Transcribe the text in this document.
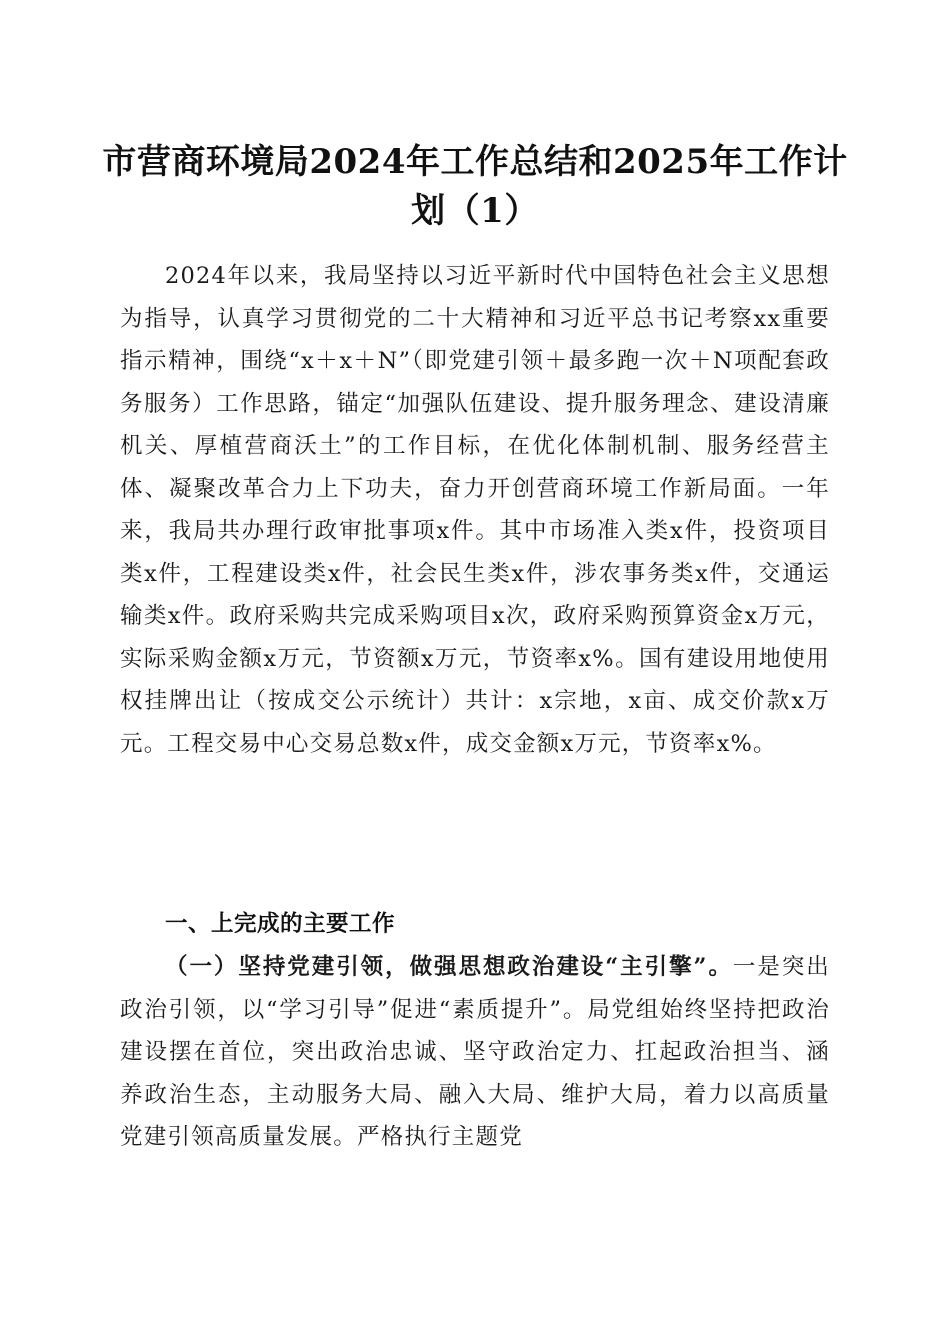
市营商环境局2024年工作总结和2025年工作计划（1）

2024年以来，我局坚持以习近平新时代中国特色社会主义思想为指导，认真学习贯彻党的二十大精神和习近平总书记考察xx重要指示精神，围绕“x＋x＋N”（即党建引领＋最多跑一次＋N项配套政务服务）工作思路，锚定“加强队伍建设、提升服务理念、建设清廉机关、厚植营商沃土”的工作目标，在优化体制机制、服务经营主体、凝聚改革合力上下功夫，奋力开创营商环境工作新局面。一年来，我局共办理行政审批事项x件。其中市场准入类x件，投资项目类x件，工程建设类x件，社会民生类x件，涉农事务类x件，交通运输类x件。政府采购共完成采购项目x次，政府采购预算资金x万元，实际采购金额x万元，节资额x万元，节资率x%。国有建设用地使用权挂牌出让（按成交公示统计）共计：x宗地，x亩、成交价款x万元。工程交易中心交易总数x件，成交金额x万元，节资率x%。

一、上完成的主要工作

（一）坚持党建引领，做强思想政治建设“主引擎”。一是突出政治引领，以“学习引导”促进“素质提升”。局党组始终坚持把政治建设摆在首位，突出政治忠诚、坚守政治定力、扛起政治担当、涵养政治生态，主动服务大局、融入大局、维护大局，着力以高质量党建引领高质量发展。严格执行主题党
